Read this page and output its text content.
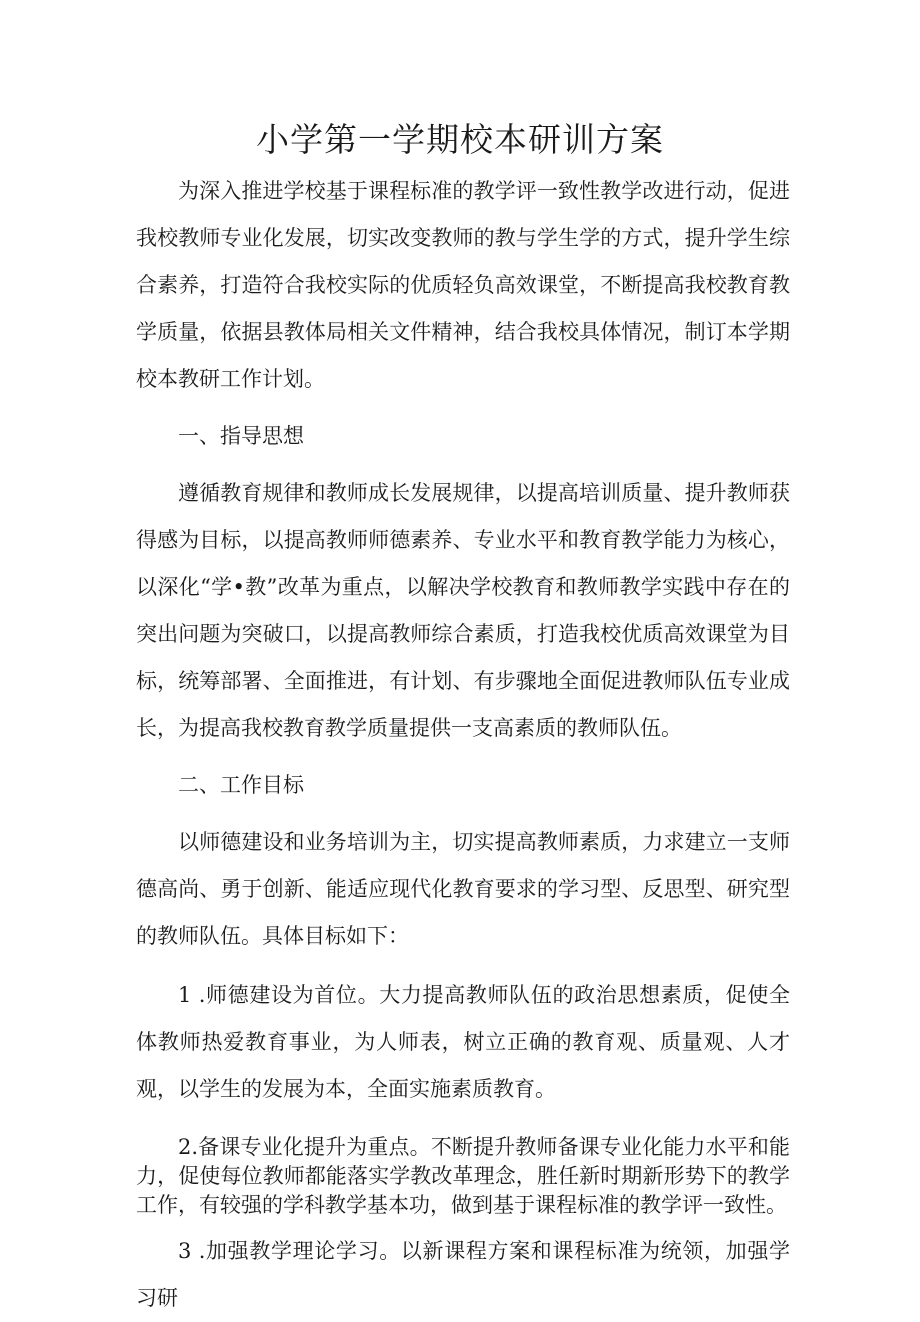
小学第一学期校本研训方案

为深入推进学校基于课程标准的教学评一致性教学改进行动，促进我校教师专业化发展，切实改变教师的教与学生学的方式，提升学生综合素养，打造符合我校实际的优质轻负高效课堂，不断提高我校教育教学质量，依据县教体局相关文件精神，结合我校具体情况，制订本学期校本教研工作计划。

一、指导思想

遵循教育规律和教师成长发展规律，以提高培训质量、提升教师获得感为目标，以提高教师师德素养、专业水平和教育教学能力为核心，以深化“学•教”改革为重点，以解决学校教育和教师教学实践中存在的突出问题为突破口，以提高教师综合素质，打造我校优质高效课堂为目标，统筹部署、全面推进，有计划、有步骤地全面促进教师队伍专业成长，为提高我校教育教学质量提供一支高素质的教师队伍。

二、工作目标

以师德建设和业务培训为主，切实提高教师素质，力求建立一支师德高尚、勇于创新、能适应现代化教育要求的学习型、反思型、研究型的教师队伍。具体目标如下：

1 .师德建设为首位。大力提高教师队伍的政治思想素质，促使全体教师热爱教育事业，为人师表，树立正确的教育观、质量观、人才观，以学生的发展为本，全面实施素质教育。

2.备课专业化提升为重点。不断提升教师备课专业化能力水平和能力，促使每位教师都能落实学教改革理念，胜任新时期新形势下的教学工作，有较强的学科教学基本功，做到基于课程标准的教学评一致性。

3 .加强教学理论学习。以新课程方案和课程标准为统领，加强学习研
